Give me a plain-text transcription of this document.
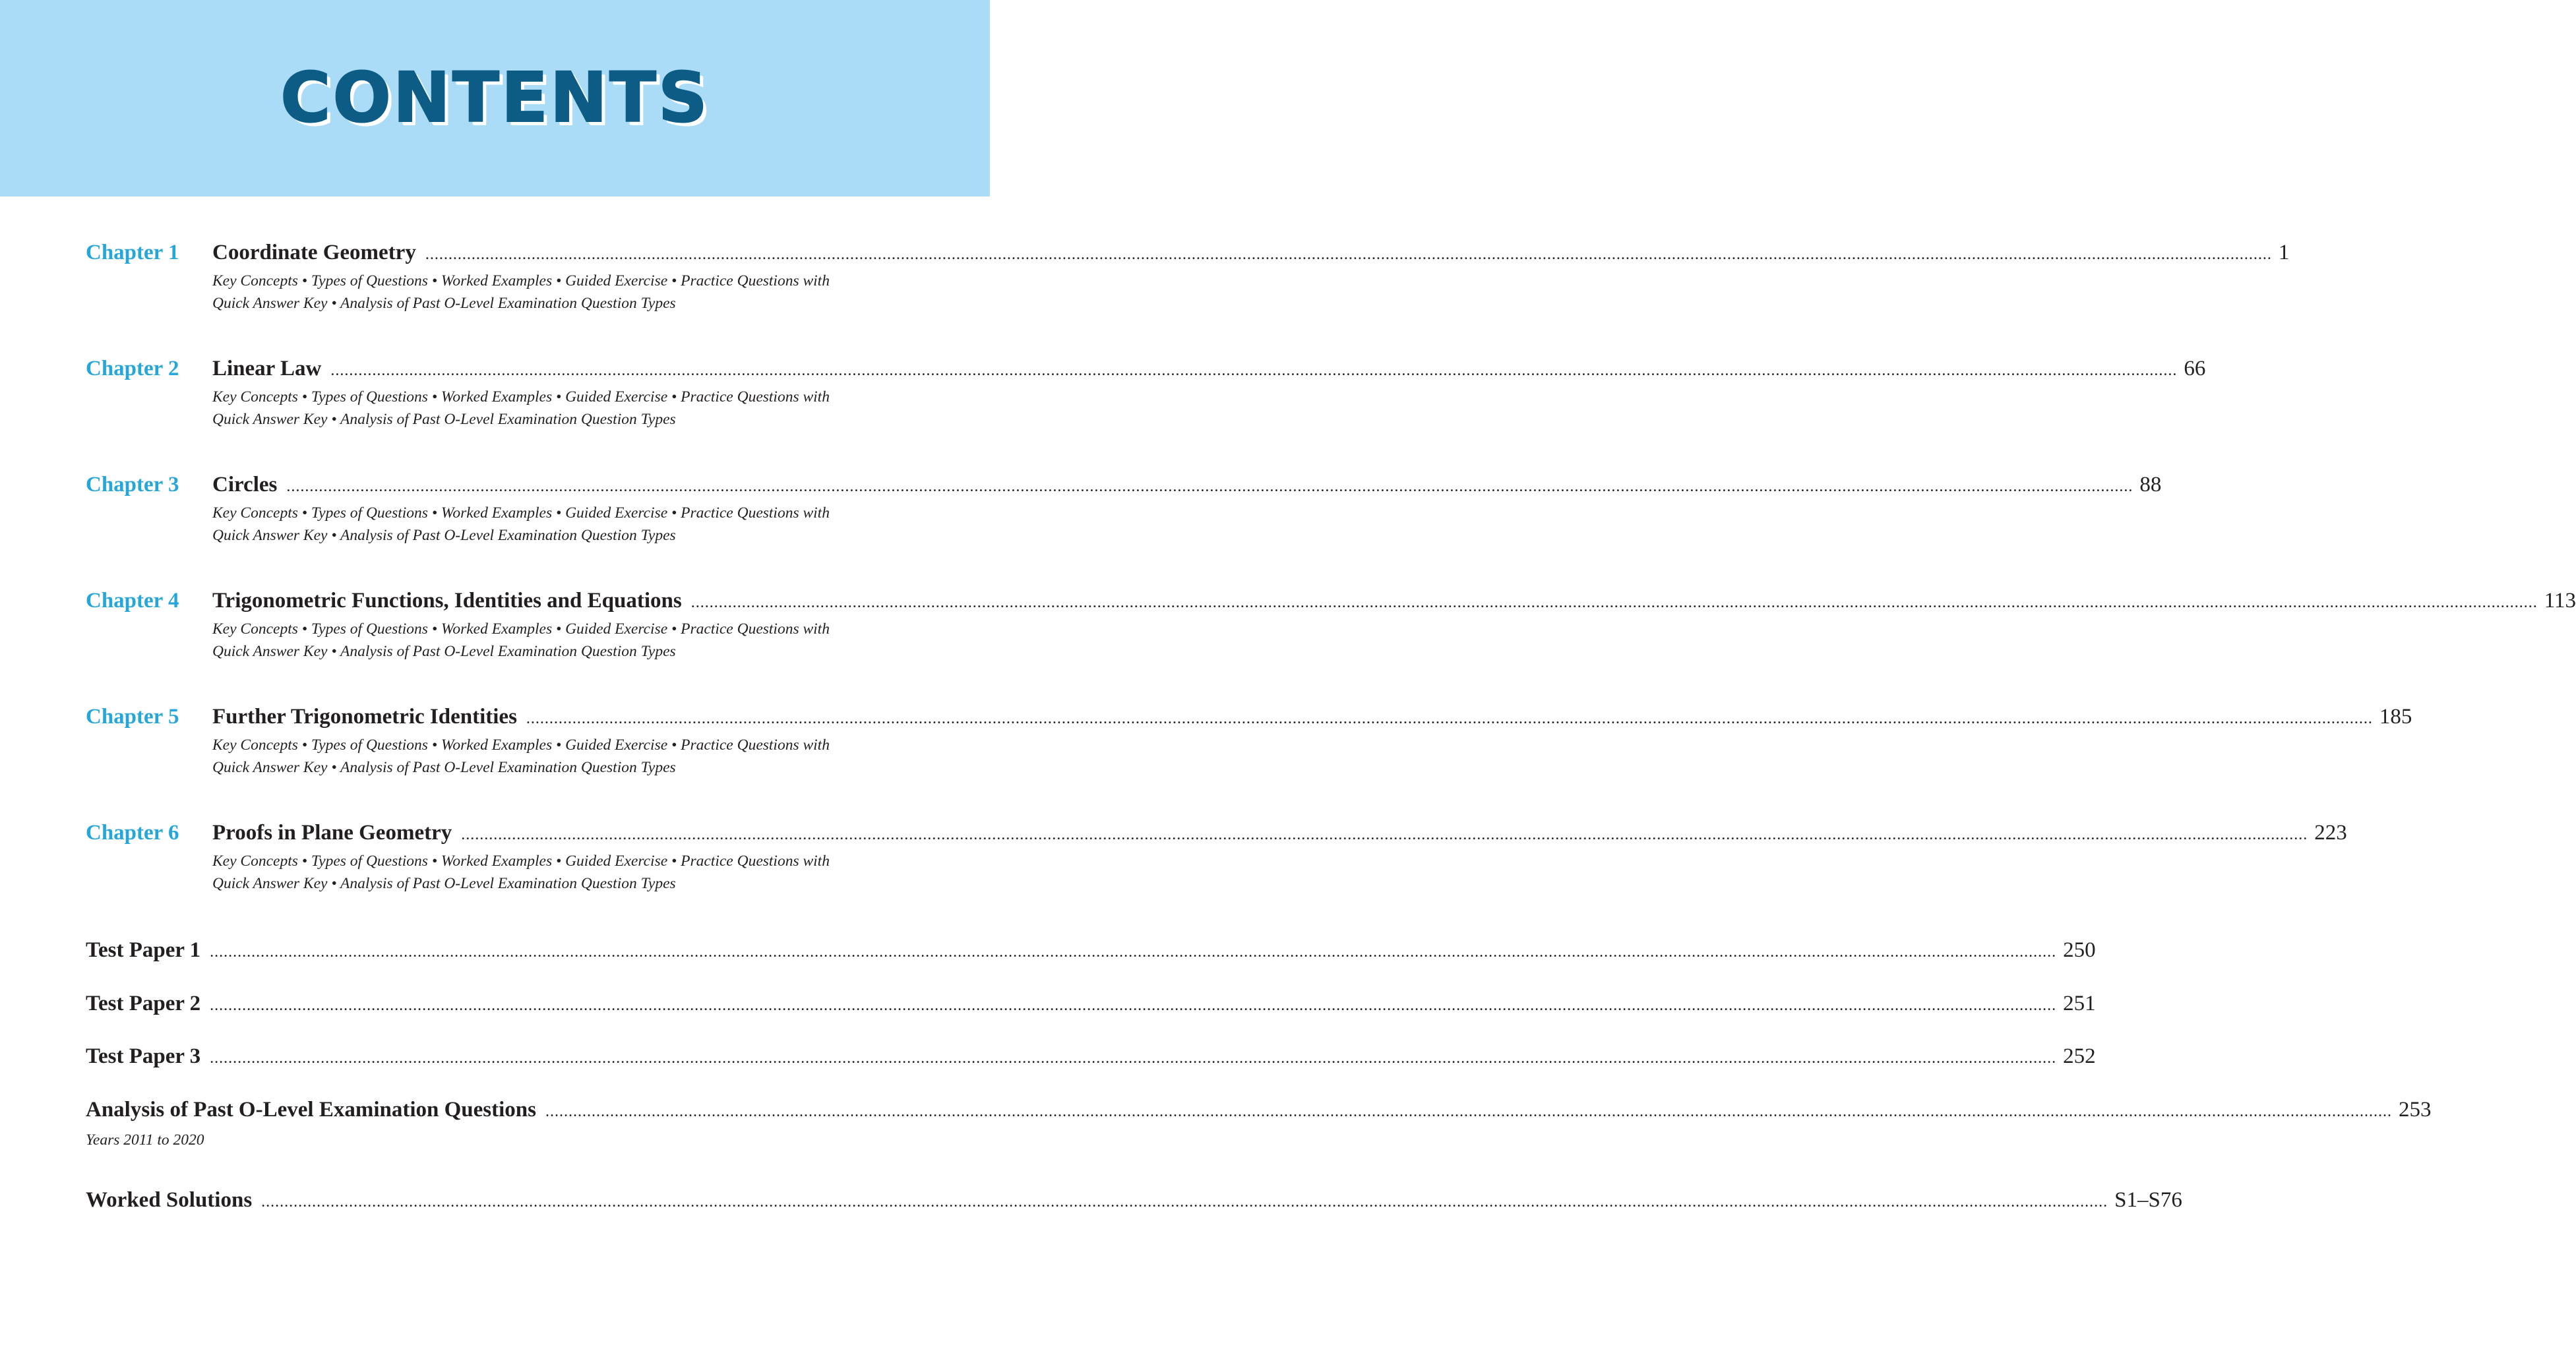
CONTENTS
Chapter 1 Coordinate Geometry ................................................................................................................................................................................................................................................................................................................................................................................................................ 1
Key Concepts • Types of Questions • Worked Examples • Guided Exercise • Practice Questions with
Quick Answer Key • Analysis of Past O-Level Examination Question Types
Chapter 2 Linear Law ................................................................................................................................................................................................................................................................................................................................................................................................................ 66
Key Concepts • Types of Questions • Worked Examples • Guided Exercise • Practice Questions with
Quick Answer Key • Analysis of Past O-Level Examination Question Types
Chapter 3 Circles ................................................................................................................................................................................................................................................................................................................................................................................................................ 88
Key Concepts • Types of Questions • Worked Examples • Guided Exercise • Practice Questions with
Quick Answer Key • Analysis of Past O-Level Examination Question Types
Chapter 4 Trigonometric Functions, Identities and Equations ................................................................................................................................................................................................................................................................................................................................................................................................................ 113
Key Concepts • Types of Questions • Worked Examples • Guided Exercise • Practice Questions with
Quick Answer Key • Analysis of Past O-Level Examination Question Types
Chapter 5 Further Trigonometric Identities ................................................................................................................................................................................................................................................................................................................................................................................................................ 185
Key Concepts • Types of Questions • Worked Examples • Guided Exercise • Practice Questions with
Quick Answer Key • Analysis of Past O-Level Examination Question Types
Chapter 6 Proofs in Plane Geometry ................................................................................................................................................................................................................................................................................................................................................................................................................ 223
Key Concepts • Types of Questions • Worked Examples • Guided Exercise • Practice Questions with
Quick Answer Key • Analysis of Past O-Level Examination Question Types
Test Paper 1 ................................................................................................................................................................................................................................................................................................................................................................................................................ 250
Test Paper 2 ................................................................................................................................................................................................................................................................................................................................................................................................................ 251
Test Paper 3 ................................................................................................................................................................................................................................................................................................................................................................................................................ 252
Analysis of Past O-Level Examination Questions ................................................................................................................................................................................................................................................................................................................................................................................................................ 253
Years 2011 to 2020
Worked Solutions ................................................................................................................................................................................................................................................................................................................................................................................................................ S1–S76
